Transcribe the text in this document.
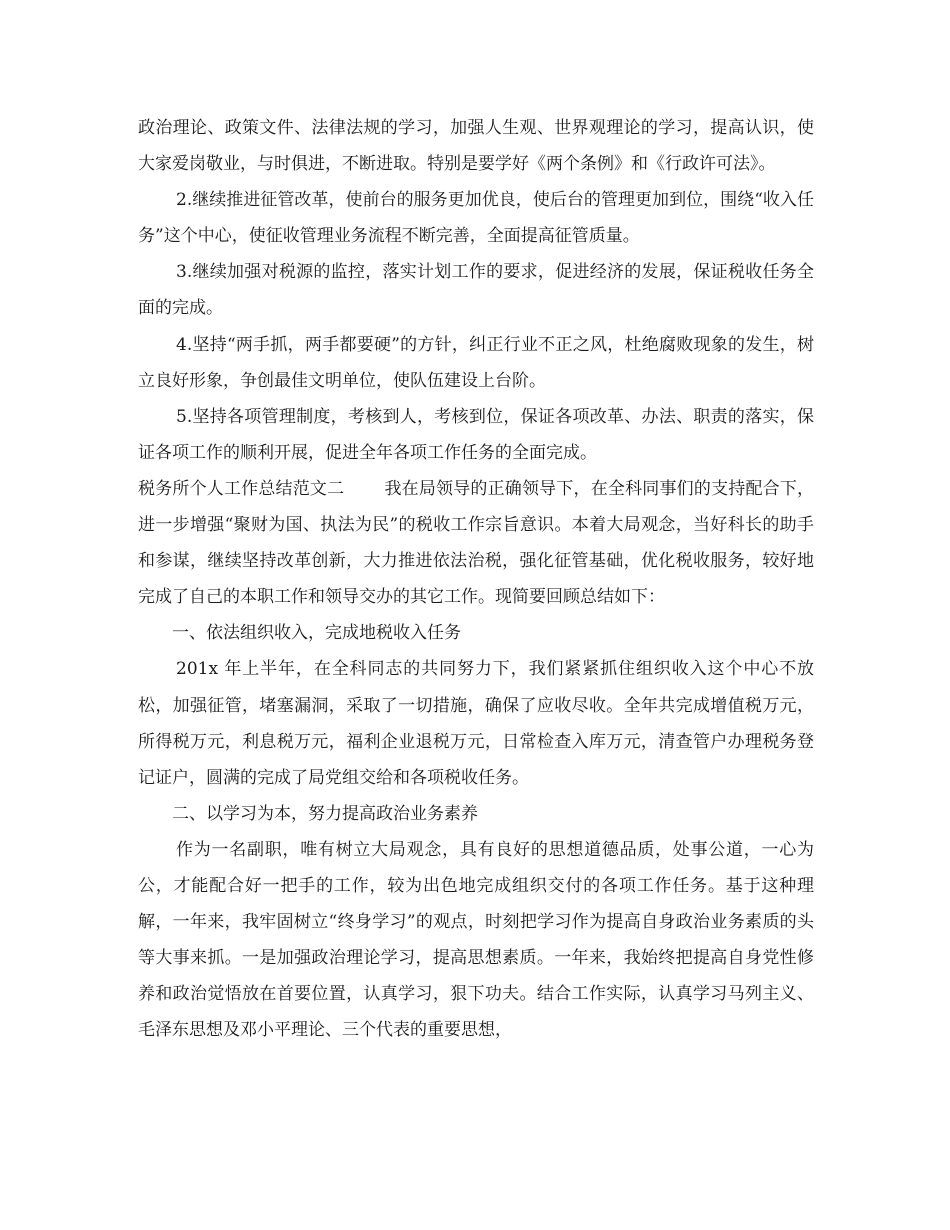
政治理论、政策文件、法律法规的学习，加强人生观、世界观理论的学习，提高认识，使大家爱岗敬业，与时俱进，不断进取。特别是要学好《两个条例》和《行政许可法》。

2.继续推进征管改革，使前台的服务更加优良，使后台的管理更加到位，围绕“收入任务”这个中心，使征收管理业务流程不断完善，全面提高征管质量。

3.继续加强对税源的监控，落实计划工作的要求，促进经济的发展，保证税收任务全面的完成。

4.坚持“两手抓，两手都要硬”的方针，纠正行业不正之风，杜绝腐败现象的发生，树立良好形象，争创最佳文明单位，使队伍建设上台阶。

5.坚持各项管理制度，考核到人，考核到位，保证各项改革、办法、职责的落实，保证各项工作的顺利开展，促进全年各项工作任务的全面完成。

税务所个人工作总结范文二 我在局领导的正确领导下，在全科同事们的支持配合下，进一步增强“聚财为国、执法为民”的税收工作宗旨意识。本着大局观念，当好科长的助手和参谋，继续坚持改革创新，大力推进依法治税，强化征管基础，优化税收服务，较好地完成了自己的本职工作和领导交办的其它工作。现简要回顾总结如下：

一、依法组织收入，完成地税收入任务

201x 年上半年，在全科同志的共同努力下，我们紧紧抓住组织收入这个中心不放松，加强征管，堵塞漏洞，采取了一切措施，确保了应收尽收。全年共完成增值税万元，所得税万元，利息税万元，福利企业退税万元，日常检查入库万元，清查管户办理税务登记证户，圆满的完成了局党组交给和各项税收任务。

二、以学习为本，努力提高政治业务素养

作为一名副职，唯有树立大局观念，具有良好的思想道德品质，处事公道，一心为公，才能配合好一把手的工作，较为出色地完成组织交付的各项工作任务。基于这种理解，一年来，我牢固树立“终身学习”的观点，时刻把学习作为提高自身政治业务素质的头等大事来抓。一是加强政治理论学习，提高思想素质。一年来，我始终把提高自身党性修养和政治觉悟放在首要位置，认真学习，狠下功夫。结合工作实际，认真学习马列主义、毛泽东思想及邓小平理论、三个代表的重要思想，
